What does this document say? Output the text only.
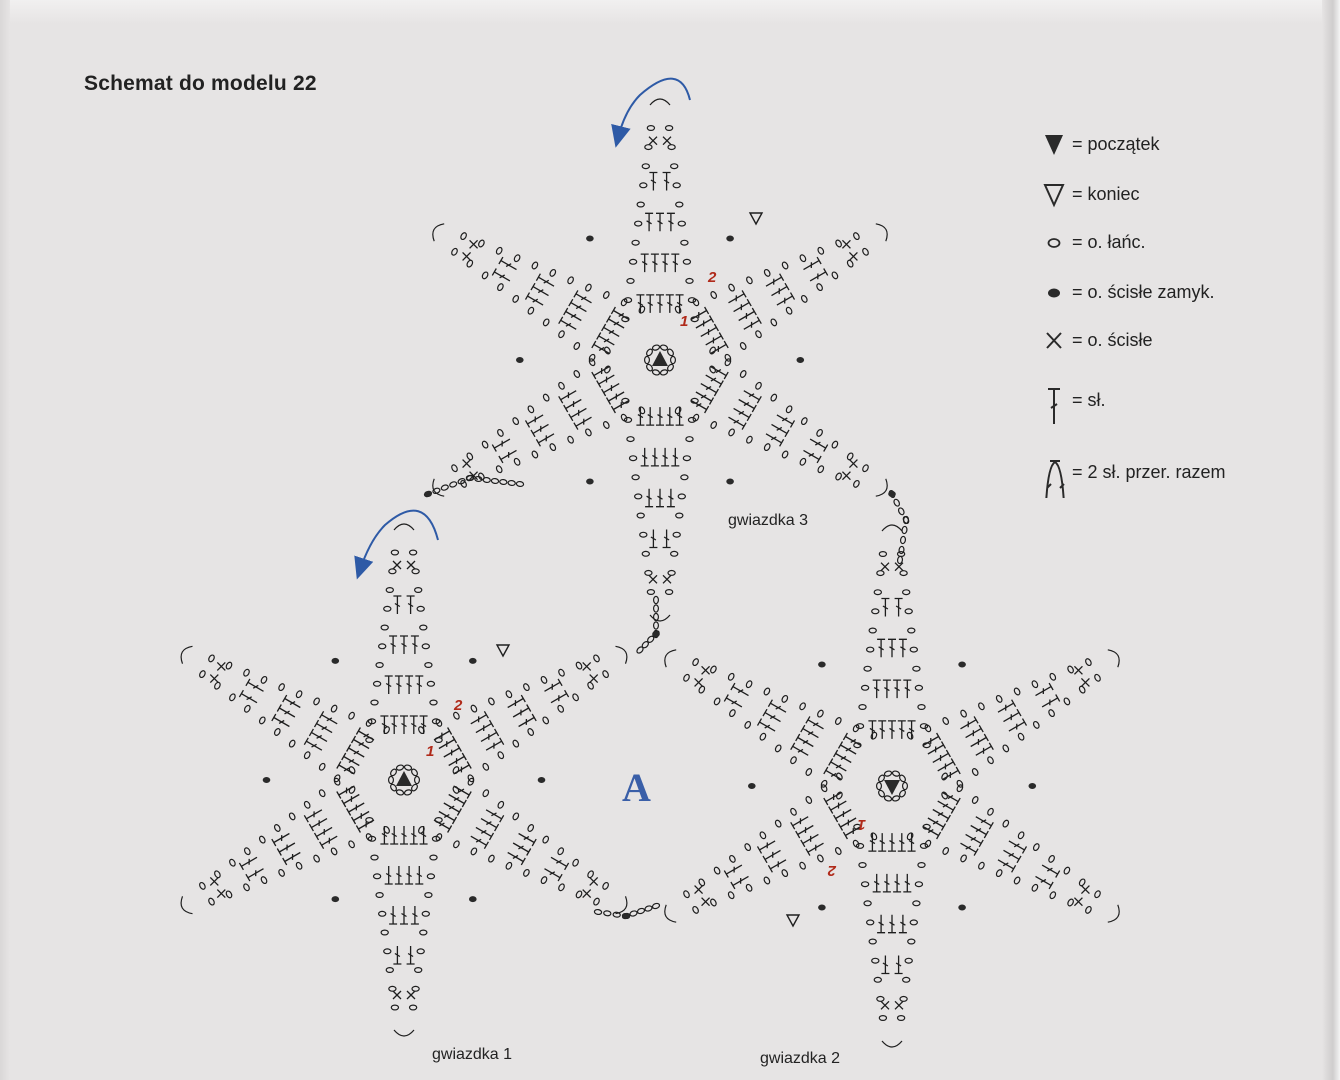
Schemat do modelu 22
1
2
1
2
1
2
A
gwiazdka 3
gwiazdka 1	gwiazdka 2
= początek
= koniec
= o. łańc.
= o. ścisłe zamyk.
= o. ścisłe
= sł.
= 2 sł. przer. razem
